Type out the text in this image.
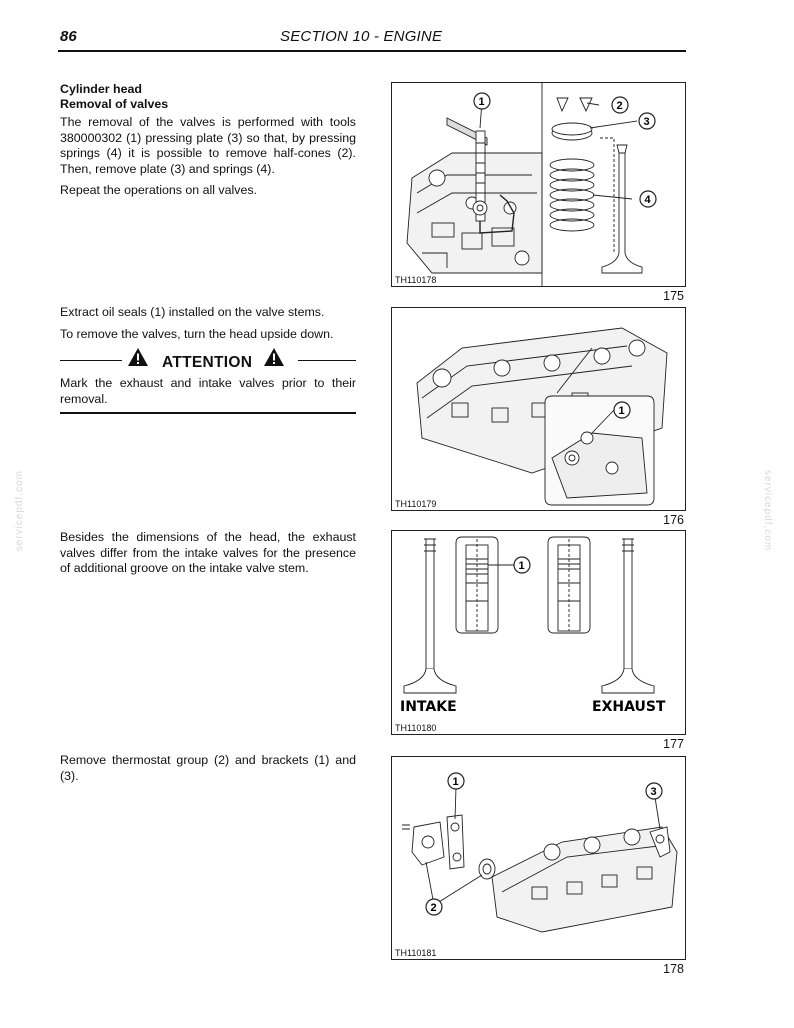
86	SECTION 10 - ENGINE
servicepdf.com	servicepdf.com
Cylinder head
Removal of valves

The removal of the valves is performed with tools 380000302 (1) pressing plate (3) so that, by pressing springs (4) it is possible to remove half-cones (2). Then, remove plate (3) and springs (4).

Repeat the operations on all valves.

Extract oil seals (1) installed on the valve stems.

To remove the valves, turn the head upside down.

ATTENTION

Mark the exhaust and intake valves prior to their removal.

Besides the dimensions of the head, the exhaust valves differ from the intake valves for the presence of additional groove on the intake valve stem.

Remove thermostat group (2) and brackets (1) and (3).

1	2
3
4
TH110178
175
1
TH110179
176
1
INTAKE	EXHAUST
TH110180
177
1
3
2
TH110181
178
